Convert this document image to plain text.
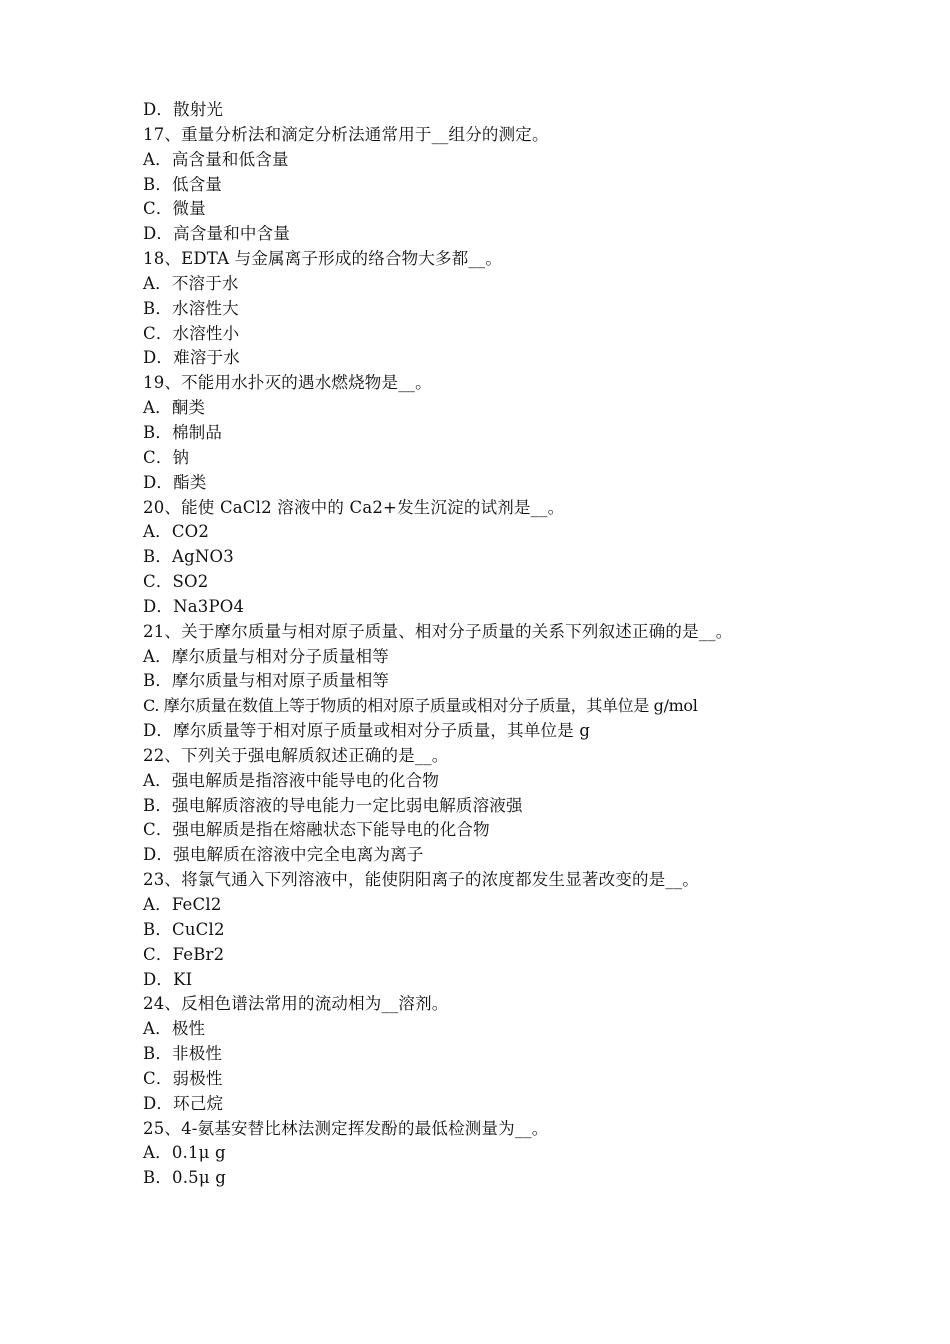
D．散射光
17、重量分析法和滴定分析法通常用于__组分的测定。
A．高含量和低含量
B．低含量
C．微量
D．高含量和中含量
18、EDTA 与金属离子形成的络合物大多都__。
A．不溶于水
B．水溶性大
C．水溶性小
D．难溶于水
19、不能用水扑灭的遇水燃烧物是__。
A．酮类
B．棉制品
C．钠
D．酯类
20、能使 CaCl2 溶液中的 Ca2+发生沉淀的试剂是__。
A．CO2
B．AgNO3
C．SO2
D．Na3PO4
21、关于摩尔质量与相对原子质量、相对分子质量的关系下列叙述正确的是__。
A．摩尔质量与相对分子质量相等
B．摩尔质量与相对原子质量相等
C. 摩尔质量在数值上等于物质的相对原子质量或相对分子质量，其单位是 g/mol
D．摩尔质量等于相对原子质量或相对分子质量，其单位是 g
22、下列关于强电解质叙述正确的是__。
A．强电解质是指溶液中能导电的化合物
B．强电解质溶液的导电能力一定比弱电解质溶液强
C．强电解质是指在熔融状态下能导电的化合物
D．强电解质在溶液中完全电离为离子
23、将氯气通入下列溶液中，能使阴阳离子的浓度都发生显著改变的是__。
A．FeCl2
B．CuCl2
C．FeBr2
D．KI
24、反相色谱法常用的流动相为__溶剂。
A．极性
B．非极性
C．弱极性
D．环己烷
25、4-氨基安替比林法测定挥发酚的最低检测量为__。
A．0.1μ g
B．0.5μ g
